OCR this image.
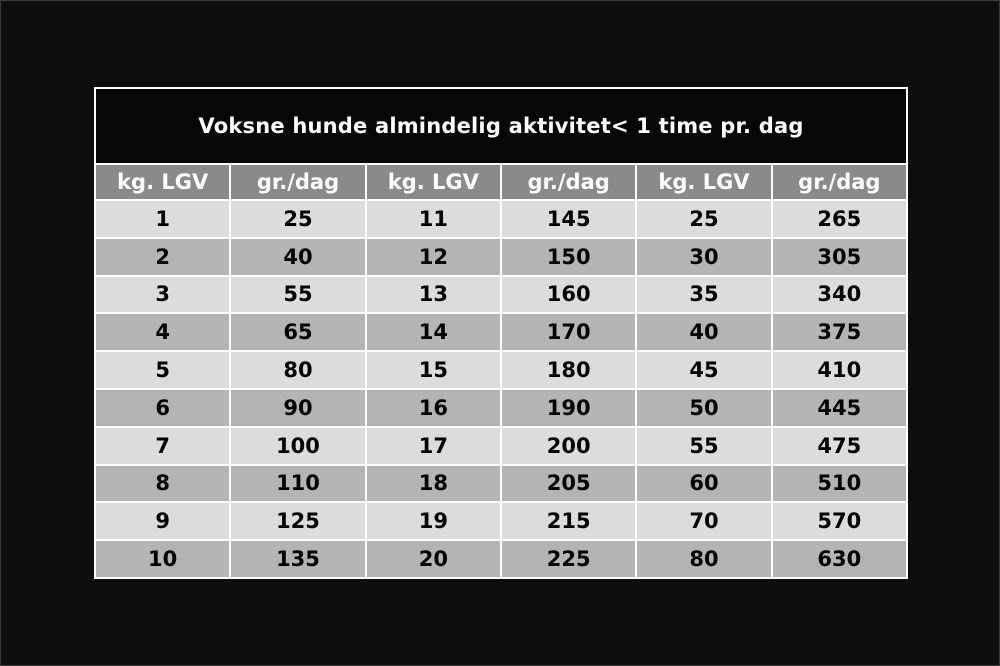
Voksne hunde almindelig aktivitet< 1 time pr. dag
kg. LGV	gr./dag	kg. LGV	gr./dag	kg. LGV	gr./dag
1	25	11	145	25	265
2	40	12	150	30	305
3	55	13	160	35	340
4	65	14	170	40	375
5	80	15	180	45	410
6	90	16	190	50	445
7	100	17	200	55	475
8	110	18	205	60	510
9	125	19	215	70	570
10	135	20	225	80	630
